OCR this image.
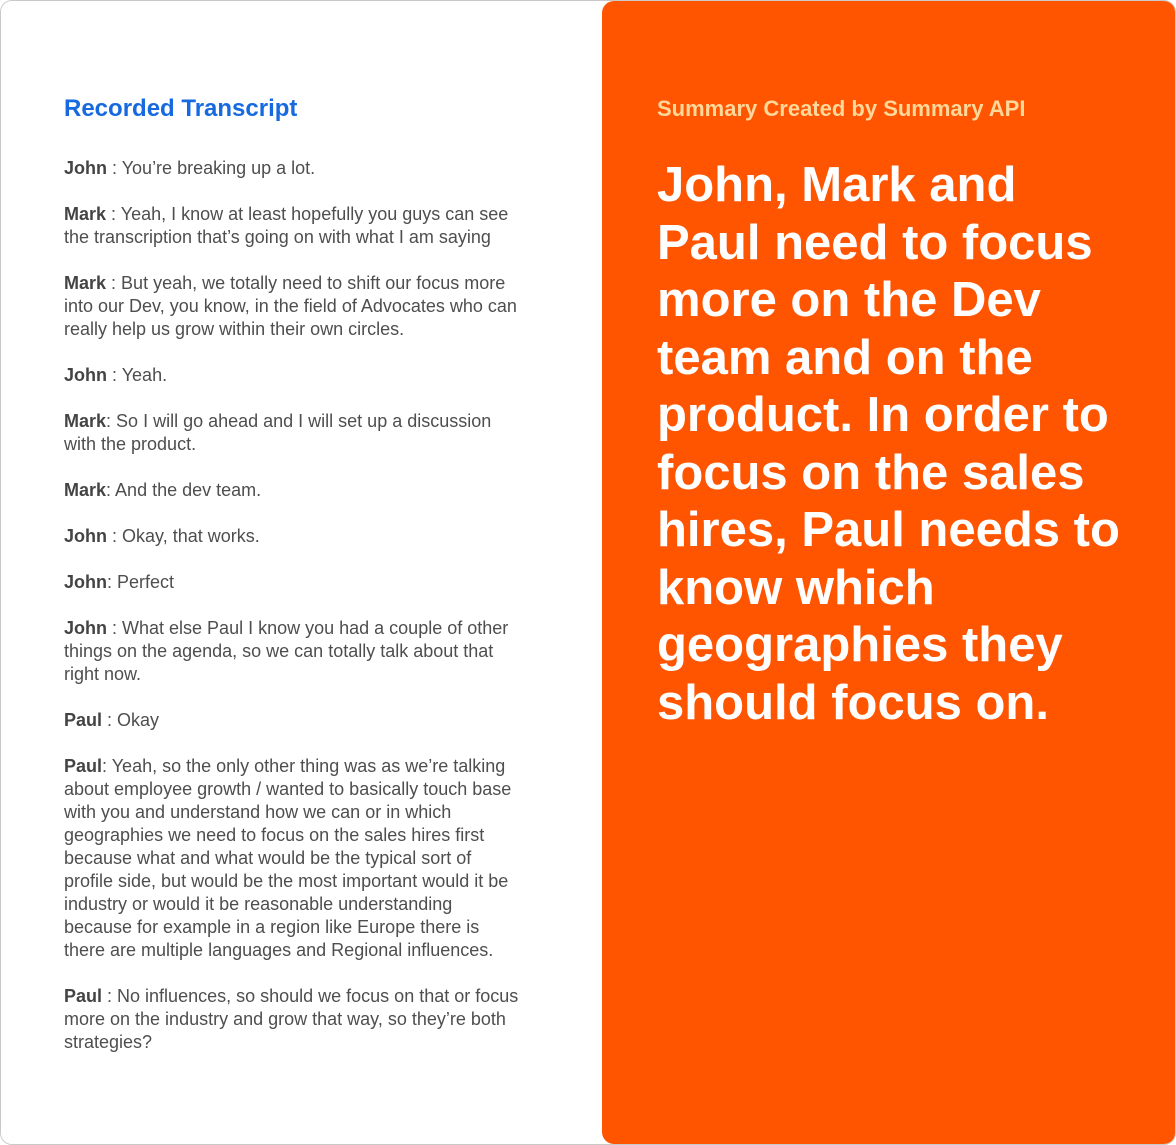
Recorded Transcript
John : You’re breaking up a lot.
Mark : Yeah, I know at least hopefully you guys can see the transcription that’s going on with what I am saying
Mark : But yeah, we totally need to shift our focus more into our Dev, you know, in the field of Advocates who can really help us grow within their own circles.
John : Yeah.
Mark: So I will go ahead and I will set up a discussion with the product.
Mark: And the dev team.
John : Okay, that works.
John: Perfect
John : What else Paul I know you had a couple of other things on the agenda, so we can totally talk about that right now.
Paul : Okay
Paul: Yeah, so the only other thing was as we’re talking about employee growth / wanted to basically touch base with you and understand how we can or in which geographies we need to focus on the sales hires first because what and what would be the typical sort of profile side, but would be the most important would it be industry or would it be reasonable understanding because for example in a region like Europe there is there are multiple languages and Regional influences.
Paul : No influences, so should we focus on that or focus more on the industry and grow that way, so they’re both strategies?
Summary Created by Summary API

John, Mark and Paul need to focus more on the Dev team and on the product. In order to focus on the sales hires, Paul needs to know which geographies they should focus on.
